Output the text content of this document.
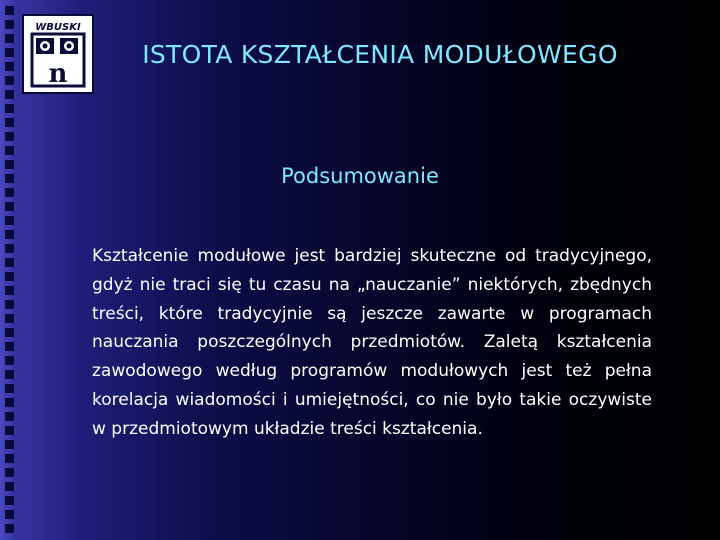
WBUSKI
n
ISTOTA KSZTAŁCENIA MODUŁOWEGO
Podsumowanie
Kształcenie modułowe jest bardziej skuteczne od tradycyjnego, gdyż nie traci się tu czasu na „nauczanie” niektórych, zbędnych treści, które tradycyjnie są jeszcze zawarte w programach nauczania poszczególnych przedmiotów. Zaletą kształcenia zawodowego według programów modułowych jest też pełna korelacja wiadomości i umiejętności, co nie było takie oczywiste w przedmiotowym układzie treści kształcenia.
